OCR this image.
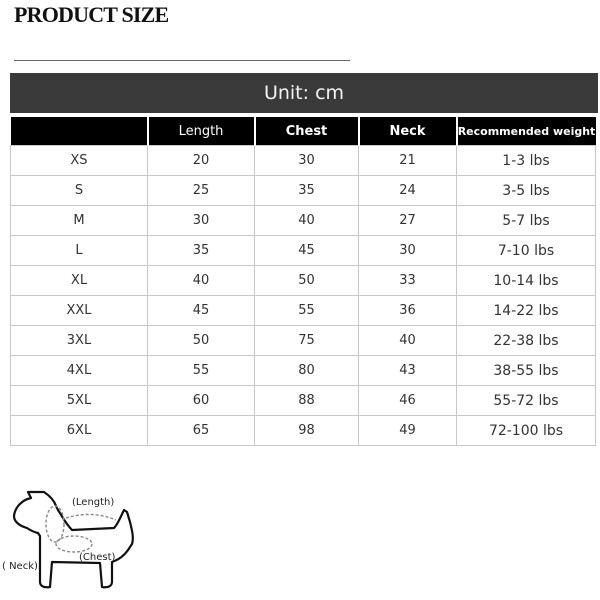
PRODUCT SIZE
Unit: cm
	Length	Chest	Neck	Recommended weight
XS	20	30	21	1-3 lbs
S	25	35	24	3-5 lbs
M	30	40	27	5-7 lbs
L	35	45	30	7-10 lbs
XL	40	50	33	10-14 lbs
XXL	45	55	36	14-22 lbs
3XL	50	75	40	22-38 lbs
4XL	55	80	43	38-55 lbs
5XL	60	88	46	55-72 lbs
6XL	65	98	49	72-100 lbs
(Length)
(Chest)
( Neck)
